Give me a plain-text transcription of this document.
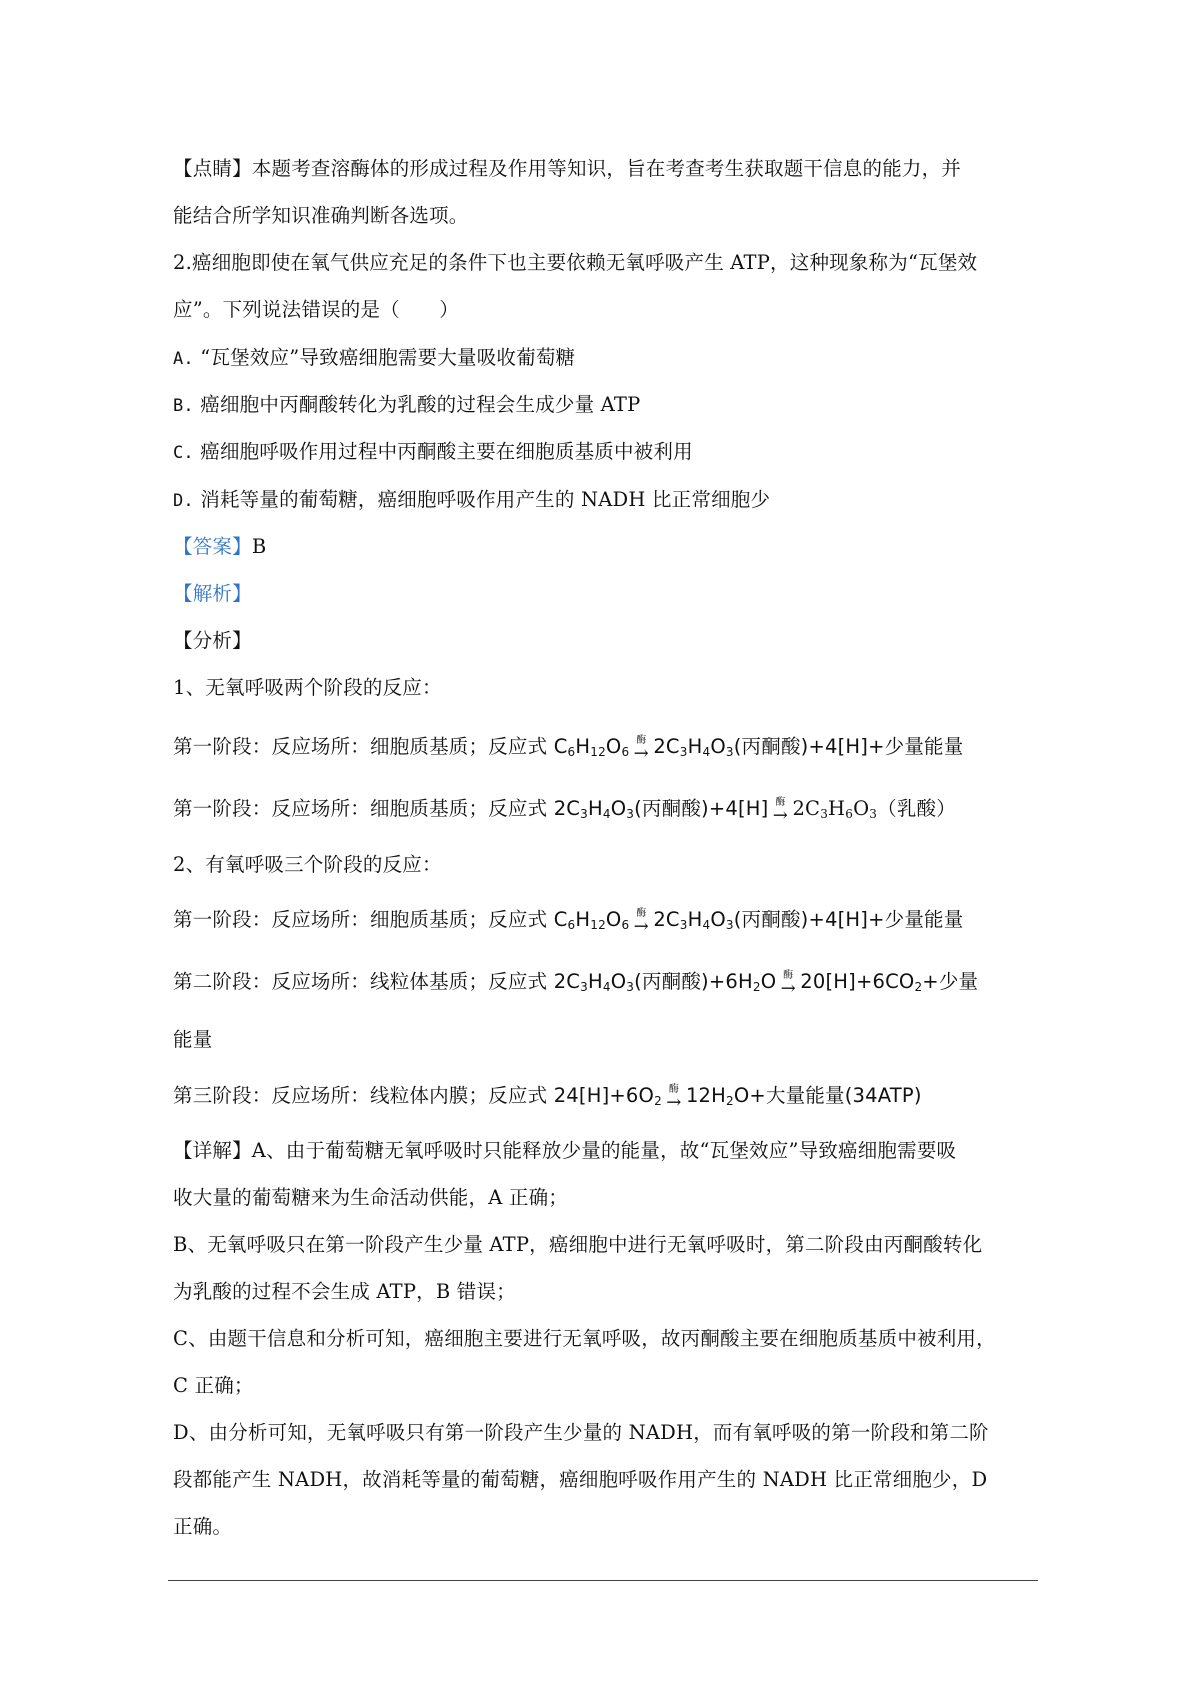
【点睛】本题考查溶酶体的形成过程及作用等知识，旨在考查考生获取题干信息的能力，并
能结合所学知识准确判断各选项。
2.癌细胞即使在氧气供应充足的条件下也主要依赖无氧呼吸产生 ATP，这种现象称为“瓦堡效
应”。下列说法错误的是（　　）
A. “瓦堡效应”导致癌细胞需要大量吸收葡萄糖
B. 癌细胞中丙酮酸转化为乳酸的过程会生成少量 ATP
C. 癌细胞呼吸作用过程中丙酮酸主要在细胞质基质中被利用
D. 消耗等量的葡萄糖，癌细胞呼吸作用产生的 NADH 比正常细胞少
【答案】B
【解析】
【分析】
1、无氧呼吸两个阶段的反应：
第一阶段：反应场所：细胞质基质；反应式 $C_6H_{12}O_6$
酶
→ $2C_3H_4O_3$(丙酮酸)+4[H]+少量能量
第一阶段：反应场所：细胞质基质；反应式 $2C_3H_4O_3$(丙酮酸)+4[H] 酶
→ $2C_3H_6O_3$（乳酸）
2、有氧呼吸三个阶段的反应：
第一阶段：反应场所：细胞质基质；反应式 $C_6H_{12}O_6$
酶
→ $2C_3H_4O_3$(丙酮酸)+4[H]+少量能量
第二阶段：反应场所：线粒体基质；反应式 $2C_3H_4O_3$(丙酮酸)$+6H_2O$ 酶
→ $20[H]+6CO_2+$少量
能量
第三阶段：反应场所：线粒体内膜；反应式 $24[H]+6O_2$
酶
→ $12H_2O+$大量能量(34ATP)
【详解】A、由于葡萄糖无氧呼吸时只能释放少量的能量，故“瓦堡效应”导致癌细胞需要吸
收大量的葡萄糖来为生命活动供能，A 正确；
B、无氧呼吸只在第一阶段产生少量 ATP，癌细胞中进行无氧呼吸时，第二阶段由丙酮酸转化
为乳酸的过程不会生成 ATP，B 错误；
C、由题干信息和分析可知，癌细胞主要进行无氧呼吸，故丙酮酸主要在细胞质基质中被利用，
C 正确；
D、由分析可知，无氧呼吸只有第一阶段产生少量的 NADH，而有氧呼吸的第一阶段和第二阶
段都能产生 NADH，故消耗等量的葡萄糖，癌细胞呼吸作用产生的 NADH 比正常细胞少，D
正确。
